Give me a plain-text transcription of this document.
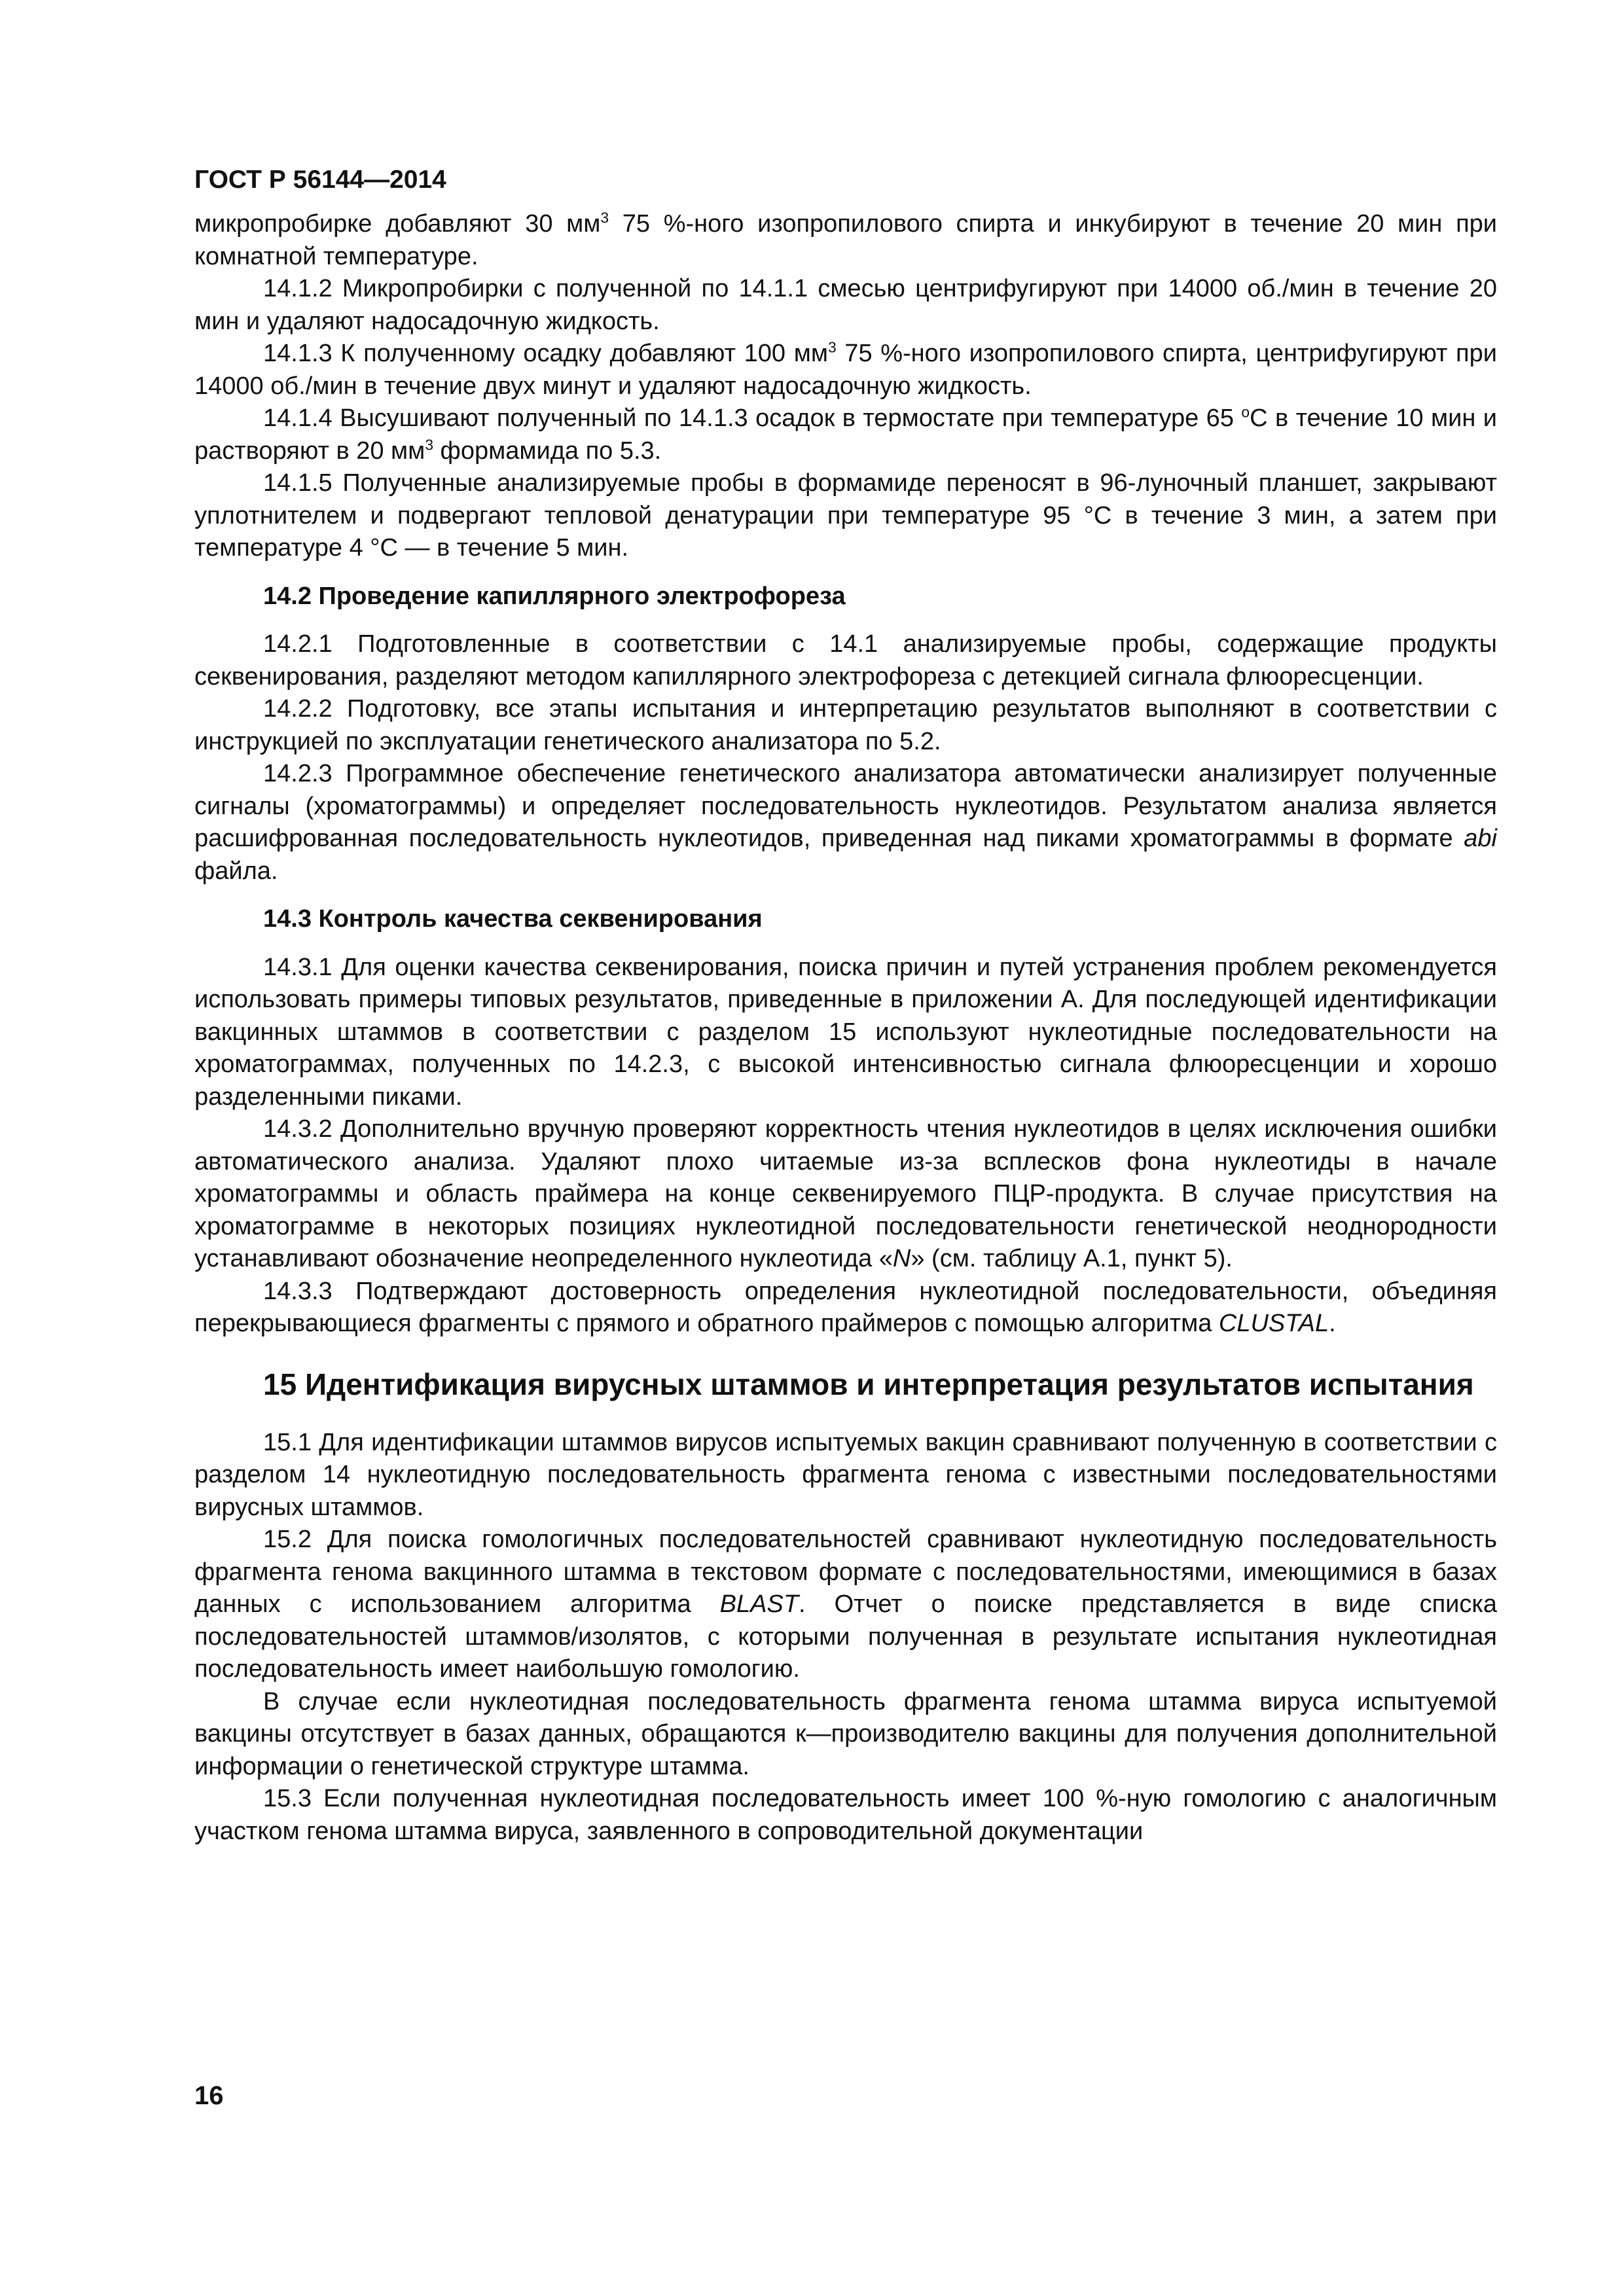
ГОСТ Р 56144—2014

микропробирке добавляют 30 $мм^3$ 75 %-ного изопропилового спирта и инкубируют в течение 20 мин при комнатной температуре.

14.1.2 Микропробирки с полученной по 14.1.1 смесью центрифугируют при 14000 об./мин в течение 20 мин и удаляют надосадочную жидкость.

14.1.3 К полученному осадку добавляют 100 $мм^3$ 75 %-ного изопропилового спирта, центрифугируют при 14000 об./мин в течение двух минут и удаляют надосадочную жидкость.

14.1.4 Высушивают полученный по 14.1.3 осадок в термостате при температуре 65 $^о$С в течение 10 мин и растворяют в 20 $мм^3$ формамида по 5.3.

14.1.5 Полученные анализируемые пробы в формамиде переносят в 96-луночный планшет, закрывают уплотнителем и подвергают тепловой денатурации при температуре 95 °С в течение 3 мин, а затем при температуре 4 °С — в течение 5 мин.

14.2 Проведение капиллярного электрофореза

14.2.1 Подготовленные в соответствии с 14.1 анализируемые пробы, содержащие продукты секвенирования, разделяют методом капиллярного электрофореза с детекцией сигнала флюоресценции.

14.2.2 Подготовку, все этапы испытания и интерпретацию результатов выполняют в соответствии с инструкцией по эксплуатации генетического анализатора по 5.2.

14.2.3 Программное обеспечение генетического анализатора автоматически анализирует полученные сигналы (хроматограммы) и определяет последовательность нуклеотидов. Результатом анализа является расшифрованная последовательность нуклеотидов, приведенная над пиками хроматограммы в формате abi файла.

14.3 Контроль качества секвенирования

14.3.1 Для оценки качества секвенирования, поиска причин и путей устранения проблем рекомендуется использовать примеры типовых результатов, приведенные в приложении А. Для последующей идентификации вакцинных штаммов в соответствии с разделом 15 используют нуклеотидные последовательности на хроматограммах, полученных по 14.2.3, с высокой интенсивностью сигнала флюоресценции и хорошо разделенными пиками.

14.3.2 Дополнительно вручную проверяют корректность чтения нуклеотидов в целях исключения ошибки автоматического анализа. Удаляют плохо читаемые из-за всплесков фона нуклеотиды в начале хроматограммы и область праймера на конце секвенируемого ПЦР-продукта. В случае присутствия на хроматограмме в некоторых позициях нуклеотидной последовательности генетической неоднородности устанавливают обозначение неопределенного нуклеотида «N» (см. таблицу А.1, пункт 5).

14.3.3 Подтверждают достоверность определения нуклеотидной последовательности, объединяя перекрывающиеся фрагменты с прямого и обратного праймеров с помощью алгоритма CLUSTAL.

15 Идентификация вирусных штаммов и интерпретация результатов испытания

15.1 Для идентификации штаммов вирусов испытуемых вакцин сравнивают полученную в соответствии с разделом 14 нуклеотидную последовательность фрагмента генома с известными последовательностями вирусных штаммов.

15.2 Для поиска гомологичных последовательностей сравнивают нуклеотидную последовательность фрагмента генома вакцинного штамма в текстовом формате с последовательностями, имеющимися в базах данных с использованием алгоритма BLAST. Отчет о поиске представляется в виде списка последовательностей штаммов/изолятов, с которыми полученная в результате испытания нуклеотидная последовательность имеет наибольшую гомологию.

В случае если нуклеотидная последовательность фрагмента генома штамма вируса испытуемой вакцины отсутствует в базах данных, обращаются к—производителю вакцины для получения дополнительной информации о генетической структуре штамма.

15.3 Если полученная нуклеотидная последовательность имеет 100 %-ную гомологию с аналогичным участком генома штамма вируса, заявленного в сопроводительной документации

16
